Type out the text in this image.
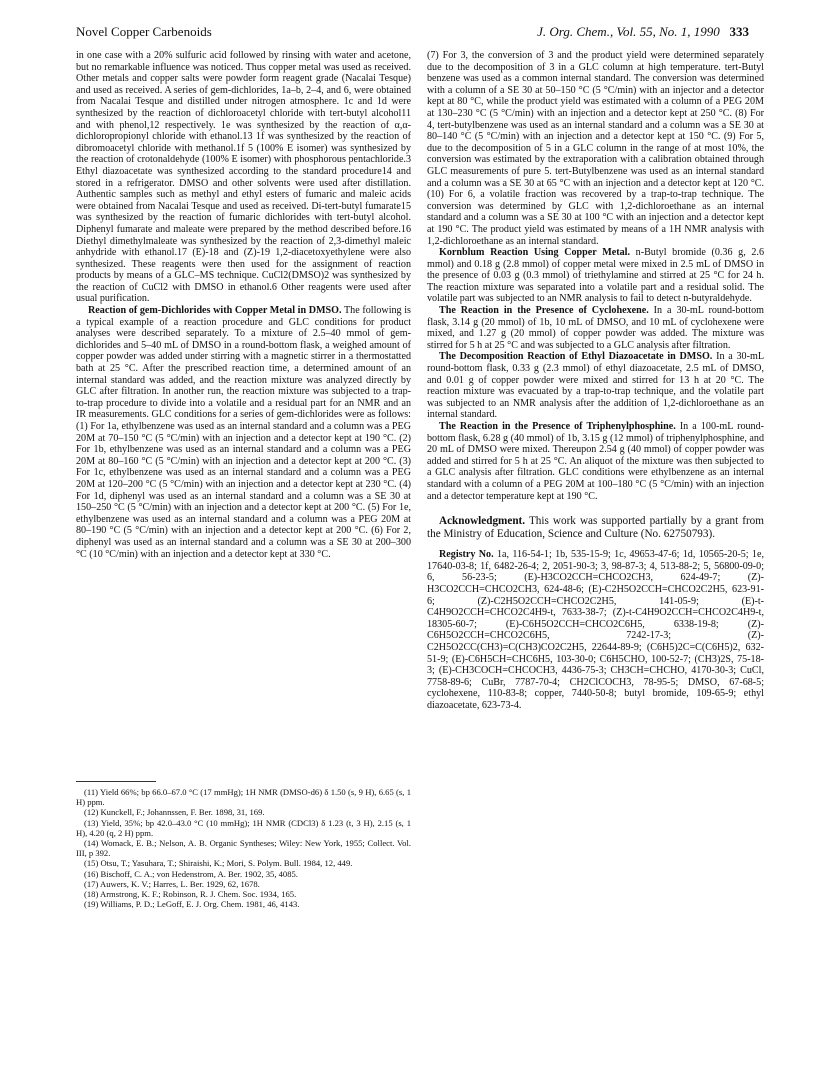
Novel Copper Carbenoids	J. Org. Chem., Vol. 55, No. 1, 1990 333

in one case with a 20% sulfuric acid followed by rinsing with water and acetone, but no remarkable influence was noticed. Thus copper metal was used as received. Other metals and copper salts were powder form reagent grade (Nacalai Tesque) and used as received. A series of gem-dichlorides, 1a–b, 2–4, and 6, were obtained from Nacalai Tesque and distilled under nitrogen atmosphere. 1c and 1d were synthesized by the reaction of dichloroacetyl chloride with tert-butyl alcohol11 and with phenol,12 respectively. 1e was synthesized by the reaction of α,α-dichloropropionyl chloride with ethanol.13 1f was synthesized by the reaction of dibromoacetyl chloride with methanol.1f 5 (100% E isomer) was synthesized by the reaction of crotonaldehyde (100% E isomer) with phosphorous pentachloride.3 Ethyl diazoacetate was synthesized according to the standard procedure14 and stored in a refrigerator. DMSO and other solvents were used after distillation. Authentic samples such as methyl and ethyl esters of fumaric and maleic acids were obtained from Nacalai Tesque and used as received. Di-tert-butyl fumarate15 was synthesized by the reaction of fumaric dichlorides with tert-butyl alcohol. Diphenyl fumarate and maleate were prepared by the method described before.16 Diethyl dimethylmaleate was synthesized by the reaction of 2,3-dimethyl maleic anhydride with ethanol.17 (E)-18 and (Z)-19 1,2-diacetoxyethylene were also synthesized. These reagents were then used for the assignment of reaction products by means of a GLC–MS technique. CuCl2(DMSO)2 was synthesized by the reaction of CuCl2 with DMSO in ethanol.6 Other reagents were used after usual purification.

Reaction of gem-Dichlorides with Copper Metal in DMSO. The following is a typical example of a reaction procedure and GLC conditions for product analyses were described separately. To a mixture of 2.5–40 mmol of gem-dichlorides and 5–40 mL of DMSO in a round-bottom flask, a weighed amount of copper powder was added under stirring with a magnetic stirrer in a thermostatted bath at 25 °C. After the prescribed reaction time, a determined amount of an internal standard was added, and the reaction mixture was analyzed directly by GLC after filtration. In another run, the reaction mixture was subjected to a trap-to-trap procedure to divide into a volatile and a residual part for an NMR and an IR measurements. GLC conditions for a series of gem-dichlorides were as follows: (1) For 1a, ethylbenzene was used as an internal standard and a column was a PEG 20M at 70–150 °C (5 °C/min) with an injection and a detector kept at 190 °C. (2) For 1b, ethylbenzene was used as an internal standard and a column was a PEG 20M at 80–160 °C (5 °C/min) with an injection and a detector kept at 200 °C. (3) For 1c, ethylbenzene was used as an internal standard and a column was a PEG 20M at 120–200 °C (5 °C/min) with an injection and a detector kept at 230 °C. (4) For 1d, diphenyl was used as an internal standard and a column was a SE 30 at 150–250 °C (5 °C/min) with an injection and a detector kept at 200 °C. (5) For 1e, ethylbenzene was used as an internal standard and a column was a PEG 20M at 80–190 °C (5 °C/min) with an injection and a detector kept at 200 °C. (6) For 2, diphenyl was used as an internal standard and a column was a SE 30 at 200–300 °C (10 °C/min) with an injection and a detector kept at 330 °C.

(11) Yield 66%; bp 66.0–67.0 °C (17 mmHg); 1H NMR (DMSO-d6) δ 1.50 (s, 9 H), 6.65 (s, 1 H) ppm.
(12) Kunckell, F.; Johannssen, F. Ber. 1898, 31, 169.
(13) Yield, 35%; bp 42.0–43.0 °C (10 mmHg); 1H NMR (CDCl3) δ 1.23 (t, 3 H), 2.15 (s, 1 H), 4.20 (q, 2 H) ppm.
(14) Womack, E. B.; Nelson, A. B. Organic Syntheses; Wiley: New York, 1955; Collect. Vol. III, p 392.
(15) Otsu, T.; Yasuhara, T.; Shiraishi, K.; Mori, S. Polym. Bull. 1984, 12, 449.
(16) Bischoff, C. A.; von Hedenstrom, A. Ber. 1902, 35, 4085.
(17) Auwers, K. V.; Harres, L. Ber. 1929, 62, 1678.
(18) Armstrong, K. F.; Robinson, R. J. Chem. Soc. 1934, 165.
(19) Williams, P. D.; LeGoff, E. J. Org. Chem. 1981, 46, 4143.

(7) For 3, the conversion of 3 and the product yield were determined separately due to the decomposition of 3 in a GLC column at high temperature. tert-Butyl benzene was used as a common internal standard. The conversion was determined with a column of a SE 30 at 50–150 °C (5 °C/min) with an injector and a detector kept at 80 °C, while the product yield was estimated with a column of a PEG 20M at 130–230 °C (5 °C/min) with an injection and a detector kept at 250 °C. (8) For 4, tert-butylbenzene was used as an internal standard and a column was a SE 30 at 80–140 °C (5 °C/min) with an injection and a detector kept at 150 °C. (9) For 5, due to the decomposition of 5 in a GLC column in the range of at most 10%, the conversion was estimated by the extraporation with a calibration obtained through GLC measurements of pure 5. tert-Butylbenzene was used as an internal standard and a column was a SE 30 at 65 °C with an injection and a detector kept at 120 °C. (10) For 6, a volatile fraction was recovered by a trap-to-trap technique. The conversion was determined by GLC with 1,2-dichloroethane as an internal standard and a column was a SE 30 at 100 °C with an injection and a detector kept at 190 °C. The product yield was estimated by means of a 1H NMR analysis with 1,2-dichloroethane as an internal standard.

Kornblum Reaction Using Copper Metal. n-Butyl bromide (0.36 g, 2.6 mmol) and 0.18 g (2.8 mmol) of copper metal were mixed in 2.5 mL of DMSO in the presence of 0.03 g (0.3 mmol) of triethylamine and stirred at 25 °C for 24 h. The reaction mixture was separated into a volatile part and a residual solid. The volatile part was subjected to an NMR analysis to fail to detect n-butyraldehyde.

The Reaction in the Presence of Cyclohexene. In a 30-mL round-bottom flask, 3.14 g (20 mmol) of 1b, 10 mL of DMSO, and 10 mL of cyclohexene were mixed, and 1.27 g (20 mmol) of copper powder was added. The mixture was stirred for 5 h at 25 °C and was subjected to a GLC analysis after filtration.

The Decomposition Reaction of Ethyl Diazoacetate in DMSO. In a 30-mL round-bottom flask, 0.33 g (2.3 mmol) of ethyl diazoacetate, 2.5 mL of DMSO, and 0.01 g of copper powder were mixed and stirred for 13 h at 20 °C. The reaction mixture was evacuated by a trap-to-trap technique, and the volatile part was subjected to an NMR analysis after the addition of 1,2-dichloroethane as an internal standard.

The Reaction in the Presence of Triphenylphosphine. In a 100-mL round-bottom flask, 6.28 g (40 mmol) of 1b, 3.15 g (12 mmol) of triphenylphosphine, and 20 mL of DMSO were mixed. Thereupon 2.54 g (40 mmol) of copper powder was added and stirred for 5 h at 25 °C. An aliquot of the mixture was then subjected to a GLC analysis after filtration. GLC conditions were ethylbenzene as an internal standard with a column of a PEG 20M at 100–180 °C (5 °C/min) with an injection and a detector temperature kept at 190 °C.

Acknowledgment. This work was supported partially by a grant from the Ministry of Education, Science and Culture (No. 62750793).

Registry No. 1a, 116-54-1; 1b, 535-15-9; 1c, 49653-47-6; 1d, 10565-20-5; 1e, 17640-03-8; 1f, 6482-26-4; 2, 2051-90-3; 3, 98-87-3; 4, 513-88-2; 5, 56800-09-0; 6, 56-23-5; (E)-H3CO2CCH=CHCO2CH3, 624-49-7; (Z)-H3CO2CCH=CHCO2CH3, 624-48-6; (E)-C2H5O2CCH=CHCO2C2H5, 623-91-6; (Z)-C2H5O2CCH=CHCO2C2H5, 141-05-9; (E)-t-C4H9O2CCH=CHCO2C4H9-t, 7633-38-7; (Z)-t-C4H9O2CCH=CHCO2C4H9-t, 18305-60-7; (E)-C6H5O2CCH=CHCO2C6H5, 6338-19-8; (Z)-C6H5O2CCH=CHCO2C6H5, 7242-17-3; (Z)-C2H5O2CC(CH3)=C(CH3)CO2C2H5, 22644-89-9; (C6H5)2C=C(C6H5)2, 632-51-9; (E)-C6H5CH=CHC6H5, 103-30-0; C6H5CHO, 100-52-7; (CH3)2S, 75-18-3; (E)-CH3COCH=CHCOCH3, 4436-75-3; CH3CH=CHCHO, 4170-30-3; CuCl, 7758-89-6; CuBr, 7787-70-4; CH2ClCOCH3, 78-95-5; DMSO, 67-68-5; cyclohexene, 110-83-8; copper, 7440-50-8; butyl bromide, 109-65-9; ethyl diazoacetate, 623-73-4.
